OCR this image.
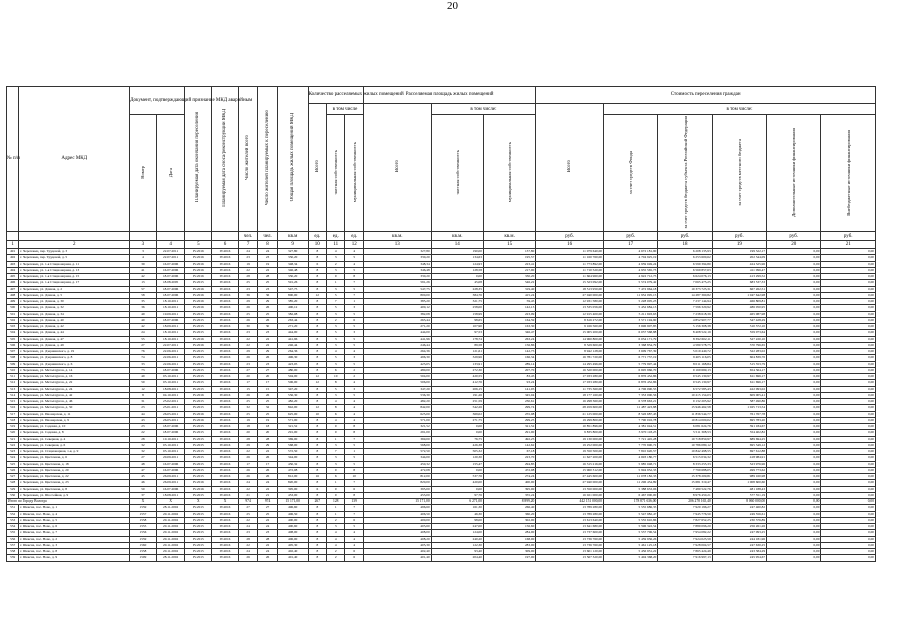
20
№ п/п	Адрес МКД	Документ, подтверждающий признание МКД аварийным		Планируемая дата окончания переселения	Планируемая дата сноса/реконструкции МКД	Число жителей всего	Число жителей планируемых к переселению	Общая площадь жилых помещений МКД	Количество расселяемых жилых помещений			Расселяемая площадь жилых помещений			Стоимость переселения граждан					
									Всего	в том числе		Всего	в том числе:		Всего	в том числе:				
		Номер	Дата							частная собственность	муниципальная собственность		частная собственность	муниципальная собственность		за счет средств Фонда	за счет средств бюджета субъекта Российской Федерации	за счет средств местного бюджета	Дополнительные источники финансирования	Внебюджетные источники финансирования
						чел.	чел.	кв.м	ед.	ед.	ед.	кв.м.	кв.м.	кв.м.	руб.	руб.	руб.	руб.	руб.	руб.
1	2	3	4	5	6	7	8	9	10	11	12	13	14	15	16	17	18	19	20	21
491	г. Череповец, пер. Трудовой, д. 3	3	22.07.2011	IV.2016	IV.2016	24	24	327,80	8	4	4	327,80	190,00	137,80	11 079 640,00	4 672 181,90	6 208 135,93	199 322,17	0,00	0,00
492	г. Череповец, пер. Трудовой, д. 5	4	22.07.2011	IV.2016	IV.2016	23	23	330,20	8	3	5	330,20	134,63	195,57	11 160 760,00	4 704 925,19	6 253 600,62	202 344,09	0,00	0,00
493	г. Череповец, ул. 1-я Стационарная, д. 11	39	16.07.2006	IV.2016	IV.2016	19	19	348,34	6	2	4	348,34	124,93	223,41	11 773 892,00	4 959 049,24	6 599 394,80	424 325,96	0,00	0,00
494	г. Череповец, ул. 1-я Стационарная, д. 13	41	16.07.2006	IV.2016	IV.2016	22	22	346,48	8	3	5	346,48	128,58	217,90	11 710 520,00	4 935 565,73	6 569 857,63	411 096,47	0,00	0,00
495	г. Череповец, ул. 1-я Стационарная, д. 15	42	18.07.2006	IV.2016	IV.2016	28	28	330,20	8	0	8	330,20	0,00	330,20	11 664 960,00	4 922 712,75	6 624 076,13	413 299,52	0,00	0,00
496	г. Череповец, ул. 1-я Стационарная, д. 17	13	18.08.2005	IV.2015	IV.2016	25	25	591,26	8	1	7	591,26	45,08	546,22	15 323 092,00	5 574 079,42	7 065 475,25	683 537,33	0,00	0,00
497	г. Череповец, ул. Дачная, д. 2	57	18.07.2006	IV.2016	IV.2016	23	23	547,75	8	3	5	547,75	228,35	319,40	18 513 950,00	7 472 964,18	10 373 723,31	667 262,51	0,00	0,00
498	г. Череповец, ул. Дачная, д. 5	58	18.07.2006	IV.2016	IV.2016	36	36	800,00	12	5	7	800,00	384,76	415,24	27 040 000,00	11 952 095,15	14 287 360,82	1 047 642,98	0,00	0,00
499	г. Череповец, ул. Дачная, д. 30	35	18.10.2011	IV.2016	IV.2016	29	29	385,20	8	7	1	385,20	321,75	59,45	12 931 580,00	5 228 005,23	7 237 144,94	466 809,81	0,00	0,00
500	г. Череповец, ул. Дачная, д. 32	36	18.10.2011	IV.2016	IV.2016	26	26	400,12	8	5	3	400,12	258,00	142,13	13 535 056,00	5 452 684,13	7 596 320,92	486 050,95	0,00	0,00
501	г. Череповец, ул. Дачная, д. 34	49	19.09.2011	IV.2015	IV.2016	25	25	382,08	8	3	5	382,08	158,99	223,09	12 915 400,00	5 211 693,63	7 238 618,39	465 087,98	0,00	0,00
502	г. Череповец, ул. Дачная, д. 40	40	18.07.2006	IV.2015	IV.2016	26	26	263,44	8	2	6	263,44	98,65	164,59	8 616 272,00	3 571 194,90	4 852 907,77	347 428,29	0,00	0,00
503	г. Череповец, ул. Дачная, д. 42	42	18.09.2011	IV.2015	IV.2016	30	30	271,20	8	3	5	271,20	107,90	163,30	9 166 560,00	3 696 907,85	5 156 308,38	310 372,10	0,00	0,00
504	г. Череповец, ул. Дачная, д. 44	24	18.10.2011	IV.2015	IV.2016	23	23	444,00	8	5	3	444,00	97,53	346,47	15 005 200,00	6 037 568,88	8 408 522,19	559 073,64	0,00	0,00
505	г. Череповец, ул. Дачная, д. 47	55	18.10.2011	IV.2016	IV.2016	22	22	441,96	8	3	5	441,96	178,74	263,24	14 960 800,00	6 034 171,79	8 392 602,11	527 220,10	0,00	0,00
506	г. Череповец, ул. Дачная, д. 49	27	22.07.2011	IV.2016	IV.2016	22	22	246,44	8	3	5	246,44	89,58	156,86	8 329 600,00	3 368 834,79	4 580 578,75	370 796,65	0,00	0,00
507	г. Череповец, ул. Дзержинского, д. 19	76	22.06.2011	IV.2015	IV.2016	29	29	264,36	8	4	4	264,36	121,61	142,75	8 942 128,00	3 609 767,39	5 019 440,72	322 283,02	0,00	0,00
508	г. Череповец, ул. Дзержинского, д. 8	74	22.06.2011	IV.2015	IV.2016	26	26	496,30	8	5	3	496,30	329,96	166,34	16 781 720,00	6 771 737,19	9 405 116,05	604 839,76	0,00	0,00
509	г. Череповец, ул. Дзержинского, д. 6	33	22.06.2011	IV.2015	IV.2016	23	23	423,05	8	3	5	423,05	133,91	289,14	14 295 496,00	5 779 997,44	8 011 168,84	515 353,79	0,00	0,00
510	г. Череповец, ул. Металлургов, д. 14	73	18.07.2006	IV.2015	IV.2016	27	27	480,00	8	6	2	480,00	272,30	207,70	16 520 000,00	6 695 966,70	9 169 669,13	654 364,17	0,00	0,00
511	г. Череповец, ул. Металлургов, д. 16	49	03.10.2011	IV.2015	IV.2016	20	20	504,00	12	10	2	504,00	420,55	83,45	17 033 280,00	6 876 452,86	9 545 130,97	611 696,17	0,00	0,00
512	г. Череповец, ул. Металлургов, д. 22	50	03.10.2011	IV.2015	IV.2016	17	17	506,00	12	8	4	506,00	412,76	93,24	17 033 280,00	6 876 452,86	9 545 130,97	611 696,17	0,00	0,00
513	г. Череповец, ул. Металлургов, д. 24	12	18.08.2011	IV.2015	IV.2016	15	15	347,20	8	5	3	347,20	206,15	141,05	11 735 360,00	4 706 090,55	6 572 585,43	422 093,02	0,00	0,00
514	г. Череповец, ул. Металлургов, д. 42	8	04.10.2011	IV.2016	IV.2016	26	26	536,30	8	3	5	536,30	191,26	345,04	18 177 160,00	7 353 000,56	10 215 154,03	609 005,41	0,00	0,00
515	г. Череповец, ул. Металлургов, д. 46	31	25.02.2011	IV.2015	IV.2016	25	25	482,20	8	4	4	482,20	251,59	230,61	16 298 360,00	6 578 663,21	9 132 205,92	587 490,86	0,00	0,00
516	г. Череповец, ул. Металлургов, д. 50	23	25.01.2011	IV.2015	IV.2016	32	32	842,00	12	8	4	842,00	542,26	299,74	28 459 600,00	11 487 423,88	15 946 462,58	1 025 713,54	0,00	0,00
517	г. Череповец, ул. Пионерская, д. 11	44	26.05.2011	IV.2016	IV.2016	25	25	625,00	10	6	4	625,00	369,02	255,98	21 125 000,00	8 526 687,45	11 836 544,77	761 767,78	0,00	0,00
518	г. Череповец, ул. Пионерская, д. 9	43	26.05.2011	IV.2016	IV.2016	19	19	571,00	8	4	4	571,00	271,75	299,25	19 299 800,00	7 790 016,78	10 814 000,02	695 783,20	0,00	0,00
519	г. Череповец, ул. Садовая, д. 10	23	18.07.2006	IV.2015	IV.2016	18	18	321,52	8	0	8	321,52	0,00	321,52	10 851 896,00	4 381 044,51	6 081 624,76	391 184,67	0,00	0,00
520	г. Череповец, ул. Садовая, д. 8	22	18.07.2006	IV.2015	IV.2016	20	20	291,00	8	0	8	291,00	0,00	291,00	9 835 800,00	3 970 118,25	5 511 308,53	354 402,82	0,00	0,00
521	г. Череповец, ул. Северная, д. 4	28	10.10.2011	IV.2015	IV.2016	28	28	369,00	8	1	7	369,00	76,75	492,25	19 130 000,00	7 721 445,28	10 718 850,97	689 694,25	0,00	0,00
522	г. Череповец, ул. Северная, д. 6	32	03.10.2011	IV.2015	IV.2016	29	29	568,00	8	3	5	568,00	426,38	142,62	19 252 000,00	7 770 690,72	10 786 080,12	695 349,12	0,00	0,00
523	г. Череповец, ул. Стационарная, 1-я, д. 9	32	03.10.2011	IV.2015	IV.2016	22	22	572,50	8	7	1	572,50	505,32	67,18	19 350 500,00	7 810 620,57	10 842 498,55	697 612,88	0,00	0,00
524	г. Череповец, ул. Цветочная, д. 6	27	20.09.2011	IV.2015	IV.2016	26	26	344,00	8	3	5	344,00	120,30	223,70	11 627 200,00	4 693 180,77	6 515 034,32	418 984,91	0,00	0,00
525	г. Череповец, ул. Цветочная, д. 18	48	16.07.2006	IV.2015	IV.2016	17	17	450,32	8	3	5	450,32	155,47	294,85	16 315 216,00	5 985 048,71	8 333 255,33	523 976,96	0,00	0,00
526	г. Череповец, ул. Цветочная, д. 20	47	16.07.2006	IV.2015	IV.2016	26	26	472,08	8	0	8	472,08	0,00	472,08	15 960 312,00	5 994 952,33	7 799 688,05	499 773,62	0,00	0,00
527	г. Череповец, ул. Цветочная, д. 22	45	26.09.2011	IV.2015	IV.2016	26	26	812,00	16	6	10	812,00	537,76	274,24	27 445 600,00	11 078 182,33	15 378 209,81	989 160,98	0,00	0,00
528	г. Череповец, ул. Цветочная, д. 23	46	26.09.2011	IV.2016	IV.2016	24	24	820,00	8	1	7	820,00	420,00	400,00	27 940 000,00	11 296 454,89	15 681 319,47	1 008 600,60	0,00	0,00
529	г. Череповец, ул. Цветочная, д. 8	50	16.07.2006	IV.2016	IV.2016	22	22	395,00	6	0	6	395,00	0,00	395,00	13 350 000,00	5 388 633,06	7 480 522,76	481 188,43	0,00	0,00
530	г. Череповец, ул. Шоссейная, д. 9	37	18.08.2011	IV.2015	IV.2016	21	21	453,00	8	0	8	453,00	97,76	355,24	16 021 000,00	6 467 000,00	8 976 450,21	577 551,19	0,00	0,00
Итого по Городу Вологда		X	X	X	X	974	974	15 171,00	267	128	139	15 171,00	6 271,00	8 899,20	442 151 000,00	178 871 636,00	206 278 165,40	8 060 000,00	0,00	0,00
531	г. Шексна, пос. Ново, д. 1	1559	28.11.2002	IV.2015	IV.2016	27	27	496,60	8	1	7	496,60	161,30	266,40	13 789 280,00	5 555 686,35	7 920 196,27	247 460,82	0,00	0,00
532	г. Шексна, пос. Ново, д. 4	1557	20.11.2002	IV.2015	IV.2016	25	25	406,50	8	1	7	406,50	46,30	360,20	13 789 280,00	5 547 982,47	7 945 776,50	249 556,61	0,00	0,00
533	г. Шексна, пос. Ново, д. 5	1558	20.11.2002	IV.2015	IV.2016	22	22	400,00	8	2	6	400,00	98,00	302,00	13 613 640,00	5 555 610,86	7 827 652,25	230 376,89	0,00	0,00
534	г. Шексна, пос. Ново, д. 6	1555	20.11.2002	IV.2015	IV.2016	24	24	400,60	8	3	5	403,60	247,00	156,60	13 641 680,00	5 596 322,54	7 889 096,20	256 261,26	0,00	0,00
535	г. Шексна, пос. Ново, д. 7	1556	20.11.2002	IV.2015	IV.2016	23	23	408,00	8	4	4	408,00	124,00	284,00	13 737 600,00	5 537 706,54	7 954 082,22	247 093,25	0,00	0,00
536	г. Шексна, пос. Ново, д. 2	1559	20.11.2002	IV.2015	IV.2016	28	28	406,00	8	4	4	408,20	240,20	168,00	13 736 760,00	5 459 936,26	7 924 023,59	244 181,96	0,00	0,00
537	г. Шексна, пос. Ново, д. 3	1560	20.11.2002	IV.2015	IV.2016	22	22	405,30	8	4	4	405,30	122,30	283,00	13 736 760,00	5 461 125,18	7 928 004,57	247 630,25	0,00	0,00
538	г. Шексна, пос. Ново, д. 8	1558	20.11.2002	IV.2015	IV.2016	24	24	402,40	8	2	6	402,40	93,40	309,00	13 601 120,00	5 456 931,22	7 865 424,49	243 384,29	0,00	0,00
539	г. Шексна, пос. Ново, д. 9	1509	28.11.2002	IV.2015	IV.2016	26	26	401,40	8	2	6	401,40	204,40	197,00	13 567 320,00	5 404 368,20	7 916 997,13	245 954,67	0,00	0,00
